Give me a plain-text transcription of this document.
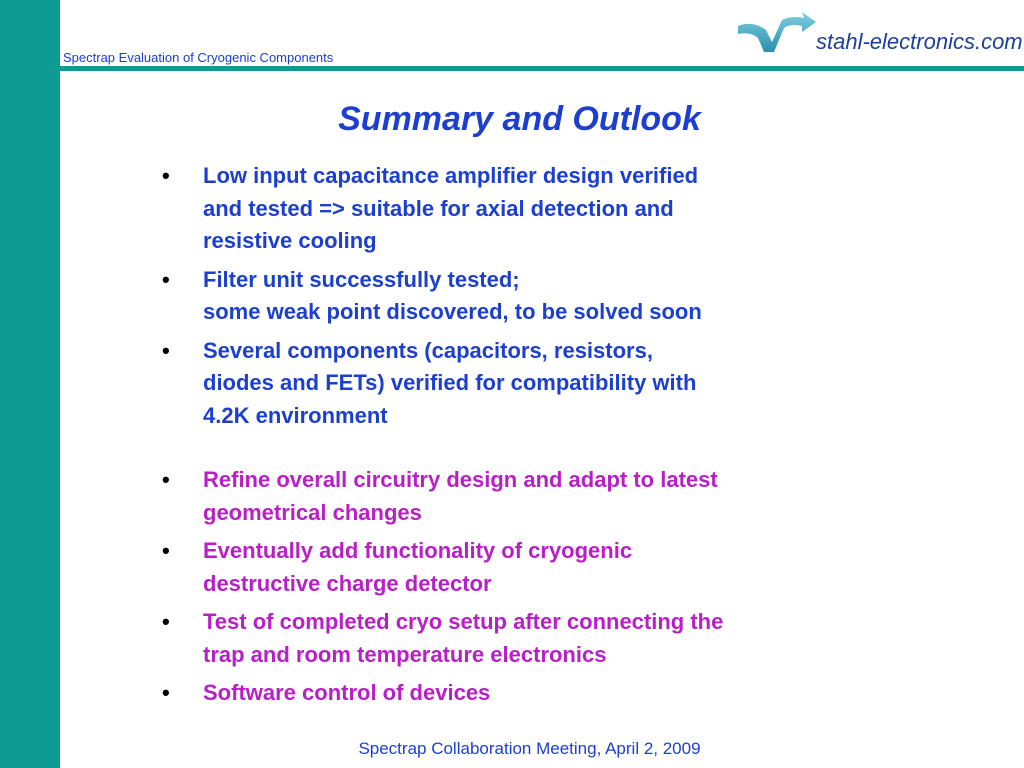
Spectrap Evaluation of Cryogenic Components
stahl-electronics.com
Summary and Outlook
• Low input capacitance amplifier design verified
and tested => suitable for axial detection and
resistive cooling
• Filter unit successfully tested;
some weak point discovered, to be solved soon
• Several components (capacitors, resistors,
diodes and FETs) verified for compatibility with
4.2K environment
• Refine overall circuitry design and adapt to latest
geometrical changes
• Eventually add functionality of cryogenic
destructive charge detector
• Test of completed cryo setup after connecting the
trap and room temperature electronics
• Software control of devices
Spectrap Collaboration Meeting, April 2, 2009
